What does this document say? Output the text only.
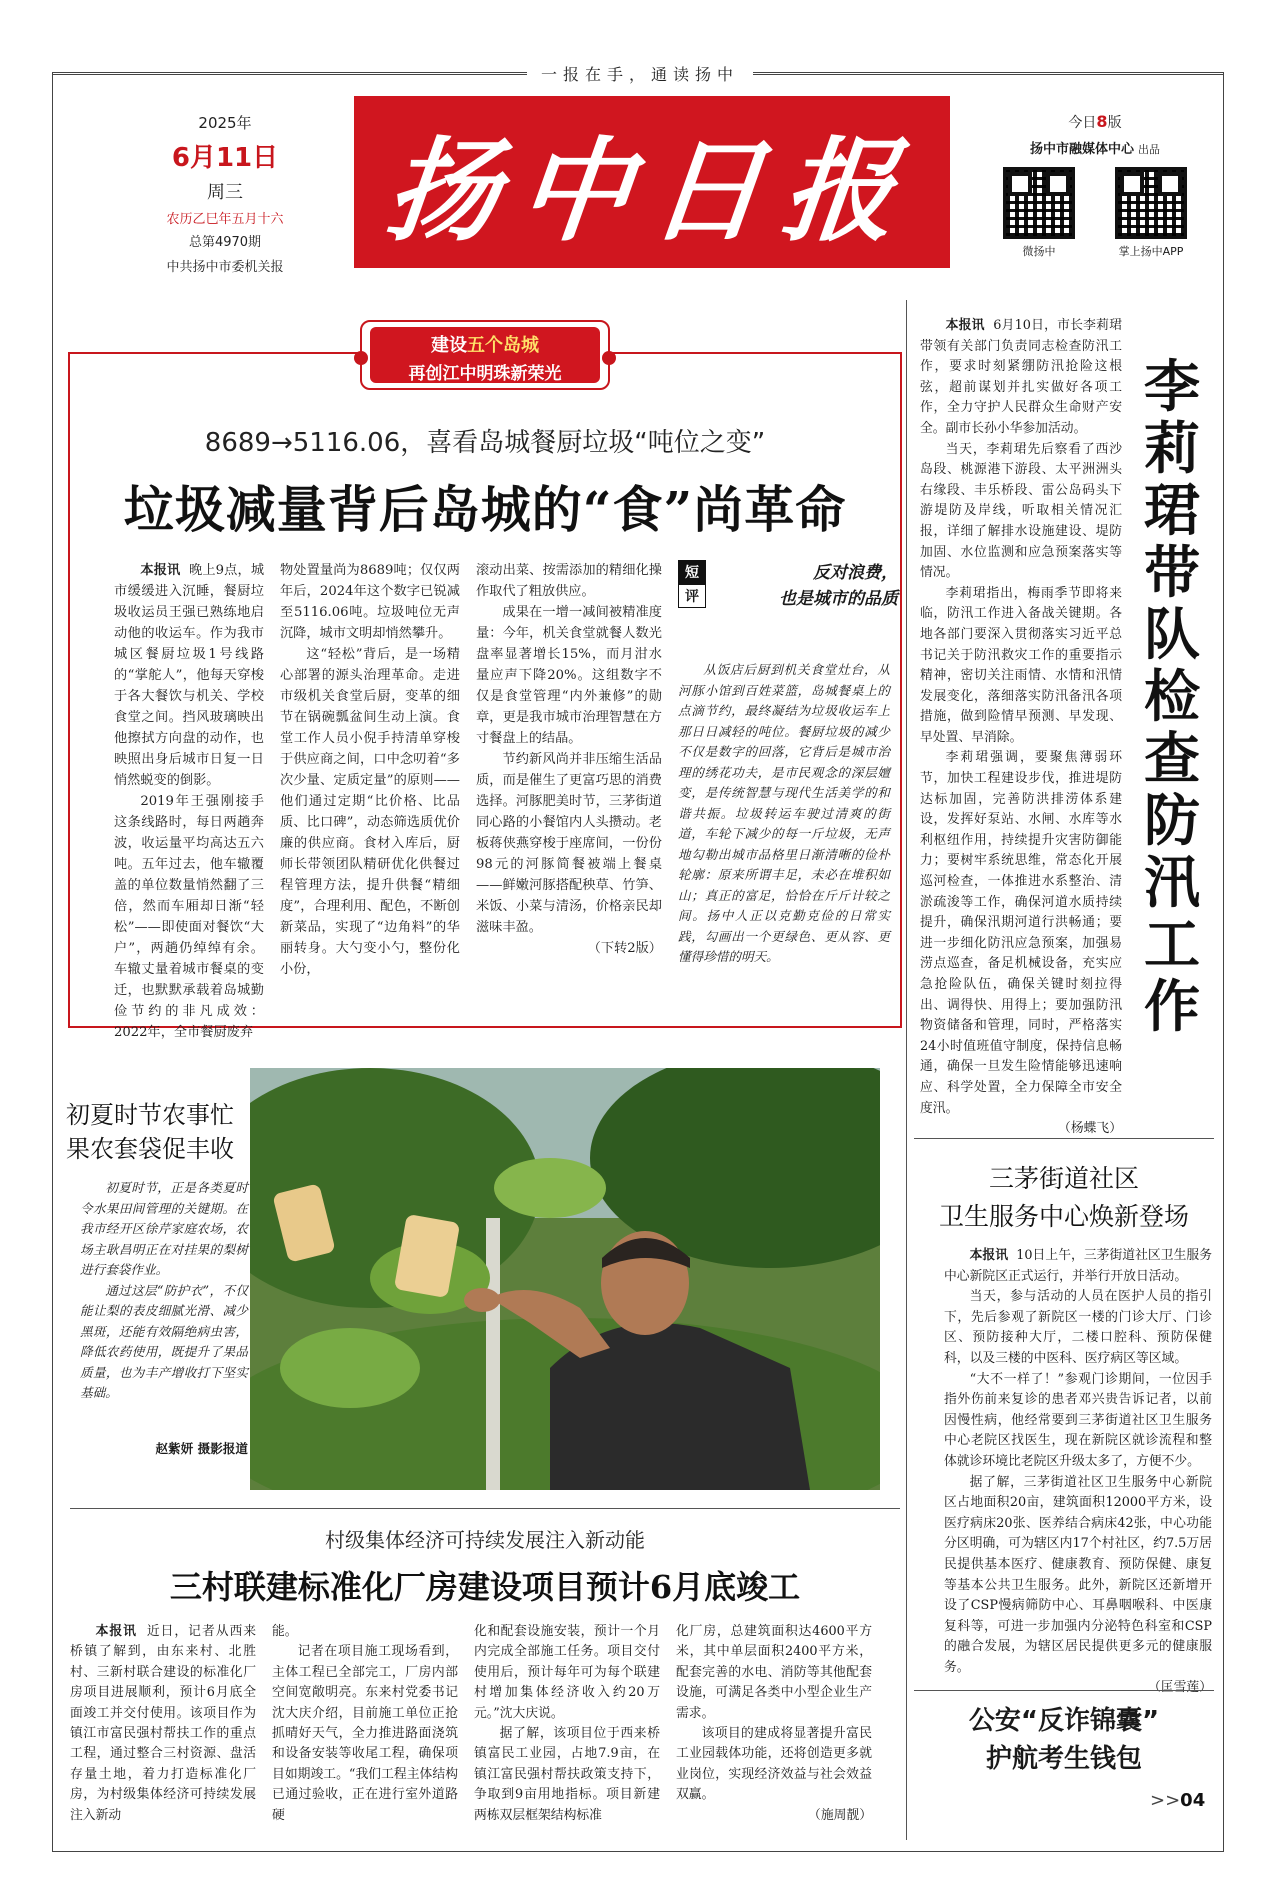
一报在手，通读扬中
2025年
6月11日
周三
农历乙巳年五月十六
总第4970期
中共扬中市委机关报
扬中日报
今日8版
扬中市融媒体中心 出品
微扬中	掌上扬中APP
建设五个岛城
再创江中明珠新荣光
8689→5116.06，喜看岛城餐厨垃圾“吨位之变”
垃圾减量背后岛城的“食”尚革命

本报讯 晚上9点，城市缓缓进入沉睡，餐厨垃圾收运员王强已熟练地启动他的收运车。作为我市城区餐厨垃圾1号线路的“掌舵人”，他每天穿梭于各大餐饮与机关、学校食堂之间。挡风玻璃映出他擦拭方向盘的动作，也映照出身后城市日复一日悄然蜕变的倒影。

2019年王强刚接手这条线路时，每日两趟奔波，收运量平均高达五六吨。五年过去，他车辙覆盖的单位数量悄然翻了三倍，然而车厢却日渐“轻松”——即使面对餐饮“大户”，两趟仍绰绰有余。车辙丈量着城市餐桌的变迁，也默默承载着岛城勤俭节约的非凡成效：2022年，全市餐厨废弃

物处置量尚为8689吨；仅仅两年后，2024年这个数字已锐减至5116.06吨。垃圾吨位无声沉降，城市文明却悄然攀升。

这“轻松”背后，是一场精心部署的源头治理革命。走进市级机关食堂后厨，变革的细节在锅碗瓢盆间生动上演。食堂工作人员小倪手持清单穿梭于供应商之间，口中念叨着“多次少量、定质定量”的原则——他们通过定期“比价格、比品质、比口碑”，动态筛选质优价廉的供应商。食材入库后，厨师长带领团队精研优化供餐过程管理方法，提升供餐“精细度”，合理利用、配色，不断创新菜品，实现了“边角料”的华丽转身。大勺变小勺，整份化小份，

滚动出菜、按需添加的精细化操作取代了粗放供应。

成果在一增一减间被精准度量：今年，机关食堂就餐人数光盘率显著增长15%，而月泔水量应声下降20%。这组数字不仅是食堂管理“内外兼修”的勋章，更是我市城市治理智慧在方寸餐盘上的结晶。

节约新风尚并非压缩生活品质，而是催生了更富巧思的消费选择。河豚肥美时节，三茅街道同心路的小餐馆内人头攒动。老板蒋侠燕穿梭于座席间，一份份98元的河豚简餐被端上餐桌——鲜嫩河豚搭配秧草、竹笋、米饭、小菜与清汤，价格亲民却滋味丰盈。

（下转2版）

短
评
反对浪费，
也是城市的品质

从饭店后厨到机关食堂灶台，从河豚小馆到百姓菜篮，岛城餐桌上的点滴节约，最终凝结为垃圾收运车上那日日减轻的吨位。餐厨垃圾的减少不仅是数字的回落，它背后是城市治理的绣花功夫，是市民观念的深层嬗变，是传统智慧与现代生活美学的和谐共振。垃圾转运车驶过清爽的街道，车轮下减少的每一斤垃圾，无声地勾勒出城市品格里日渐清晰的俭朴轮廓：原来所谓丰足，未必在堆积如山；真正的富足，恰恰在斤斤计较之间。扬中人正以克勤克俭的日常实践，勾画出一个更绿色、更从容、更懂得珍惜的明天。

本报讯 6月10日，市长李莉珺带领有关部门负责同志检查防汛工作，要求时刻紧绷防汛抢险这根弦，超前谋划并扎实做好各项工作，全力守护人民群众生命财产安全。副市长孙小华参加活动。

当天，李莉珺先后察看了西沙岛段、桃源港下游段、太平洲洲头右缘段、丰乐桥段、雷公岛码头下游堤防及岸线，听取相关情况汇报，详细了解排水设施建设、堤防加固、水位监测和应急预案落实等情况。

李莉珺指出，梅雨季节即将来临，防汛工作进入备战关键期。各地各部门要深入贯彻落实习近平总书记关于防汛救灾工作的重要指示精神，密切关注雨情、水情和汛情发展变化，落细落实防汛备汛各项措施，做到险情早预测、早发现、早处置、早消除。

李莉珺强调，要聚焦薄弱环节，加快工程建设步伐，推进堤防达标加固，完善防洪排涝体系建设，发挥好泵站、水闸、水库等水利枢纽作用，持续提升灾害防御能力；要树牢系统思维，常态化开展巡河检查，一体推进水系整治、清淤疏浚等工作，确保河道水质持续提升，确保汛期河道行洪畅通；要进一步细化防汛应急预案，加强易涝点巡查，备足机械设备，充实应急抢险队伍，确保关键时刻拉得出、调得快、用得上；要加强防汛物资储备和管理，同时，严格落实24小时值班值守制度，保持信息畅通，确保一旦发生险情能够迅速响应、科学处置，全力保障全市安全度汛。

（杨蝶飞）

李莉珺带队检查防汛工作
三茅街道社区
卫生服务中心焕新登场

本报讯 10日上午，三茅街道社区卫生服务中心新院区正式运行，并举行开放日活动。

当天，参与活动的人员在医护人员的指引下，先后参观了新院区一楼的门诊大厅、门诊区、预防接种大厅，二楼口腔科、预防保健科，以及三楼的中医科、医疗病区等区域。

“大不一样了！”参观门诊期间，一位因手指外伤前来复诊的患者邓兴贵告诉记者，以前因慢性病，他经常要到三茅街道社区卫生服务中心老院区找医生，现在新院区就诊流程和整体就诊环境比老院区升级太多了，方便不少。

据了解，三茅街道社区卫生服务中心新院区占地面积20亩，建筑面积12000平方米，设医疗病床20张、医养结合病床42张，中心功能分区明确，可为辖区内17个村社区，约7.5万居民提供基本医疗、健康教育、预防保健、康复等基本公共卫生服务。此外，新院区还新增开设了CSP慢病筛防中心、耳鼻咽喉科、中医康复科等，可进一步加强内分泌特色科室和CSP的融合发展，为辖区居民提供更多元的健康服务。

（匡雪莲）

公安“反诈锦囊”
护航考生钱包
>>04
初夏时节农事忙
果农套袋促丰收

初夏时节，正是各类夏时令水果田间管理的关键期。在我市经开区徐芹家庭农场，农场主耿昌明正在对挂果的梨树进行套袋作业。

通过这层“防护衣”，不仅能让梨的表皮细腻光滑、减少黑斑，还能有效隔绝病虫害，降低农药使用，既提升了果品质量，也为丰产增收打下坚实基础。

赵紫妍 摄影报道
村级集体经济可持续发展注入新动能
三村联建标准化厂房建设项目预计6月底竣工

本报讯 近日，记者从西来桥镇了解到，由东来村、北胜村、三新村联合建设的标准化厂房项目进展顺利，预计6月底全面竣工并交付使用。该项目作为镇江市富民强村帮扶工作的重点工程，通过整合三村资源、盘活存量土地，着力打造标准化厂房，为村级集体经济可持续发展注入新动

能。

记者在项目施工现场看到，主体工程已全部完工，厂房内部空间宽敞明亮。东来村党委书记沈大庆介绍，目前施工单位正抢抓晴好天气，全力推进路面浇筑和设备安装等收尾工程，确保项目如期竣工。“我们工程主体结构已通过验收，正在进行室外道路硬

化和配套设施安装，预计一个月内完成全部施工任务。项目交付使用后，预计每年可为每个联建村增加集体经济收入约20万元。”沈大庆说。

据了解，该项目位于西来桥镇富民工业园，占地7.9亩，在镇江富民强村帮扶政策支持下，争取到9亩用地指标。项目新建两栋双层框架结构标准

化厂房，总建筑面积达4600平方米，其中单层面积2400平方米，配套完善的水电、消防等其他配套设施，可满足各类中小型企业生产需求。

该项目的建成将显著提升富民工业园载体功能，还将创造更多就业岗位，实现经济效益与社会效益双赢。

（施周靓）
